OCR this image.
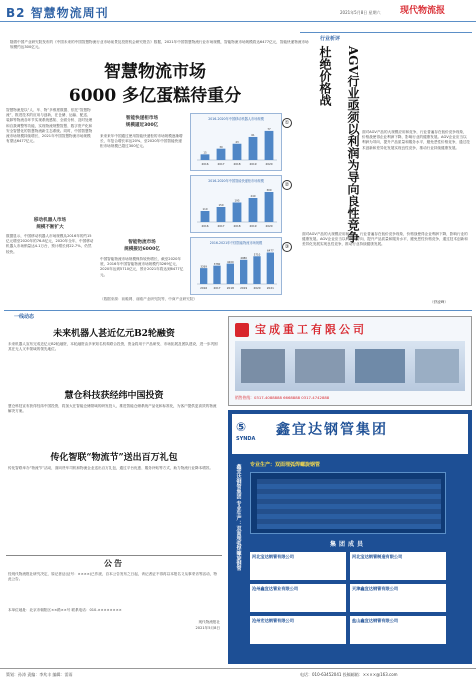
B2 智慧物流周刊	2021年5月8日 星期六 现代物流报
随着中国产业研究院发布的《中国未来的中国智慧物流行业市场前景及投资机会研究报告》数据，2021年中国智慧物流行业市场规模，智能物流市场规模将达6477亿元，智能快递物流市场规模约达300亿元。
智慧物流市场
6000 多亿蛋糕待重分
智慧物流是以“人、车、物”多维度数据、依托“智慧物流”，推进技术的应用与创新，在仓储、运输、配送、装卸等物流各环节实现系统感知、全面分析、及时处理和自我调整等功能，实现物流规整智慧、数字资产化和安全智慧化的智慧物流新生态系统。同时，中国智慧物流市场规模持续增长，2021年中国智慧物流市场规模有望达6477亿元。
移动机器人市场
规模不断扩大
数据显示，中国移动机器人市场规模从2016年的约15亿元增至2020年的76.8亿元，2020年全年，中国移动机器人市场销量达4.1万台，预计增长到22.7%，仍然较快。
智能快递柜市场
规模逼近300亿
来来来年中国通过使用智能快递柜的市场规模逐渐增长，年复合增长率达20%，至2020年中国智能快递柜市场规模已超过300亿元。
智能物流市场
规模接近6000亿
中国智能物流市场规模保持较快增长，截至2020年底，2016年中国智能物流市场规模约3269亿元，2020年达到5710亿元，预计2021年将达到6477亿元。
2016-2020年中国移动机器人市场规模
15
2016
30
2017
43
2018
61
2019
77
2020
①
2016-2020年中国智能快递柜市场规模
110
2016
150
2017
195
2018
240
2019
300
2020
②
2016-2021年中国智能物流市场规模
3269
2016
3780
2017
4200
2018
4980
2019
5710
2020
6477
2021
③
（数据来源：前瞻网、前瞻产业研究院等，中商产业研究院）
行业析评
AGV行业亟须以利润为导向良性竞争
杜绝价格战
面对AGV产品的大规模应用和竞争，行业普遍存在低价竞争现象，价格战使得企业利润下降，影响行业的健康发展。AGV企业应当以利润为导向，提升产品质量和服务水平，避免恶性价格竞争，通过技术创新和差异化发展实现良性竞争，推动行业持续健康发展。
面对AGV产品的大规模应用和竞争，行业普遍存在低价竞争现象，价格战使得企业利润下降，影响行业的健康发展。AGV企业应当以利润为导向，提升产品质量和服务水平，避免恶性价格竞争，通过技术创新和差异化发展实现良性竞争，推动行业持续健康发展。
（舒凌峰）
一线动态
未来机器人甚近亿元B2轮融资
未来机器人宣布完成近亿元B2轮融资，本轮融资由多家知名机构联合投资，资金将用于产品研发、市场拓展及团队建设，进一步巩固其在无人叉车领域的领先地位。
慧仓科技获经纬中国投资
慧仓科技宣布获得经纬中国投资，将加大在智能仓储领域的研发投入，推进智能仓储系统产品化和标准化，为客户提供更高效的物流解决方案。
传化智联“物流节”送出百万礼包
传化智联举办“物流节”活动，面向货车司机和物流企业送出百万礼包，通过平台优惠、服务补贴等方式，助力物流行业降本增效。
公告
经现代物流报社研究决定，原记者证(证号：××××)已作废，自本公告发布之日起，该记者证不得再以本报名义从事采访等活动，特此公告。
本单位地址：北京市朝阳区××路××号 联系电话：010-××××××××
现代物流报社
2021年5月8日
宝成重工有限公司
销售热线：0317-4088888 6668888 0317-4742888
⑤
SYNDA
鑫宜达钢管集团
鑫宜达钢管集团 专业生产：双面埋弧焊螺旋钢管 专业生产：双面埋弧焊螺旋钢管
集团成员
河北宝达钢管有限公司	河北宝达钢管制造有限公司
沧州鑫宜达管业有限公司	天津鑫宜达钢管有限公司
沧州宏达钢管有限公司	盐山鑫宜达钢管有限公司
策划：孙涛 责编：李兆丰 编辑：雷雨	电话：010-63452041 投稿邮箱：××××@163.com
